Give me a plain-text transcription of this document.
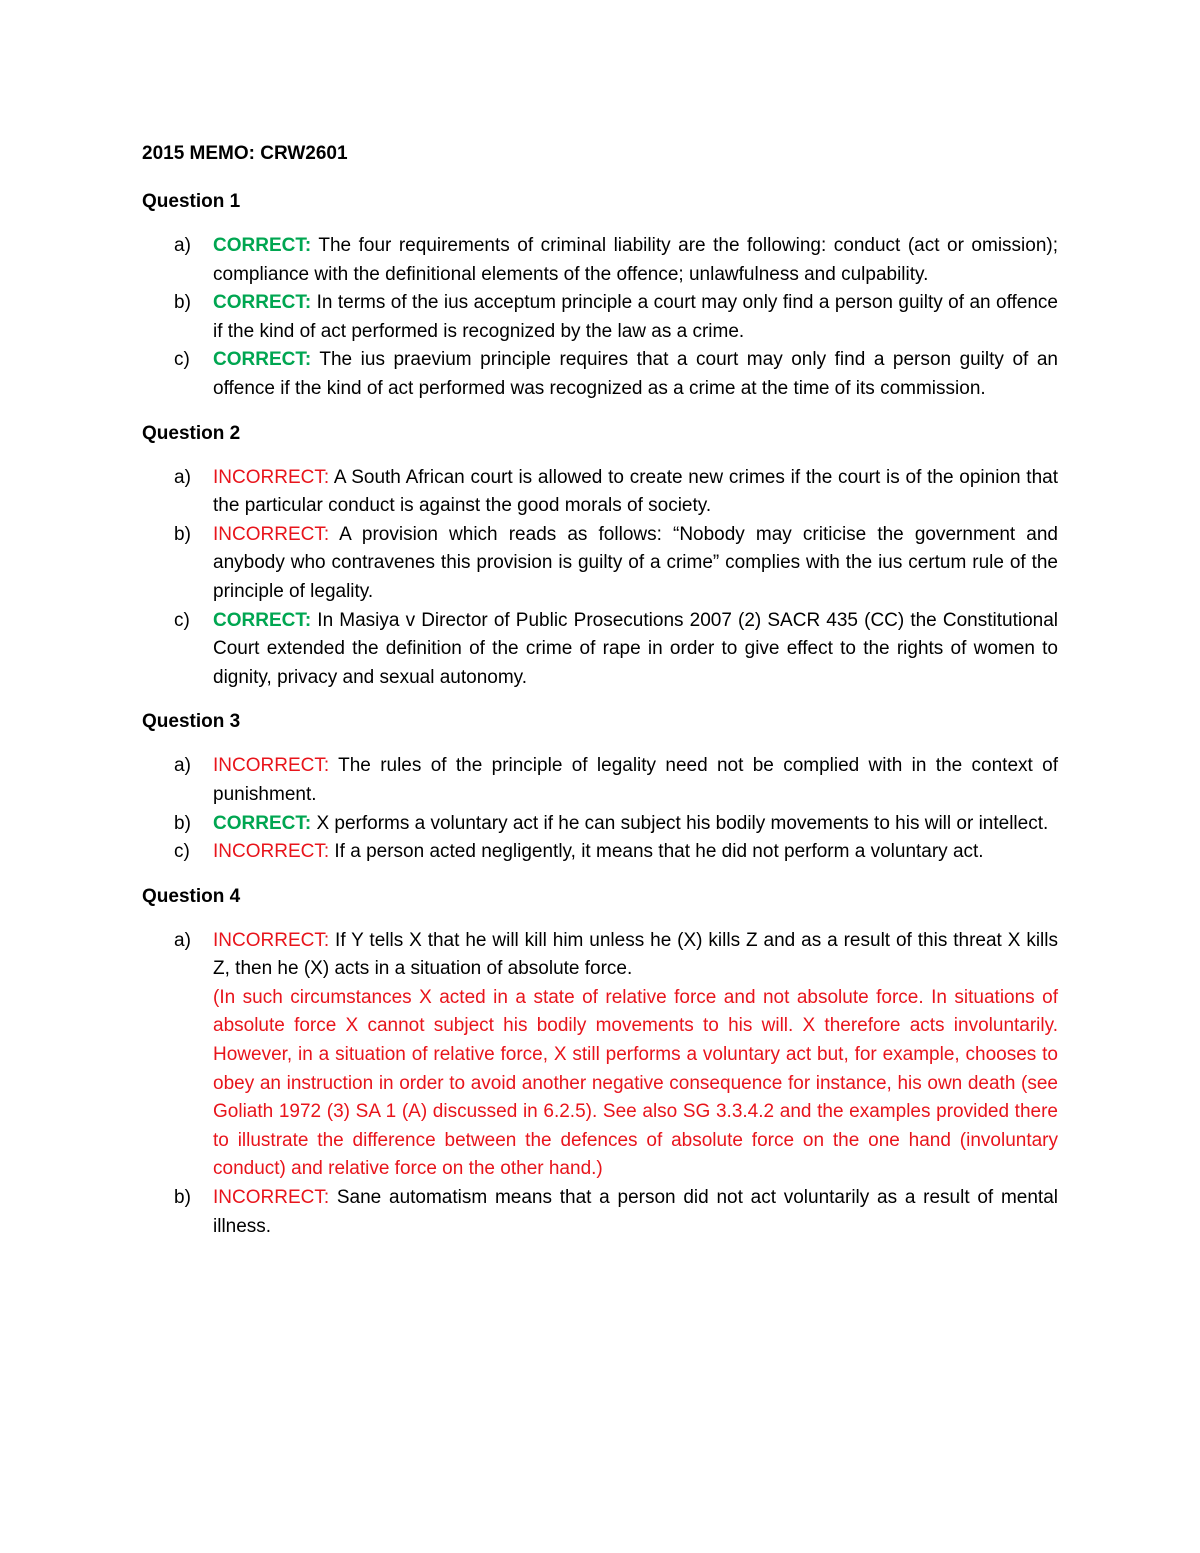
2015 MEMO: CRW2601
Question 1
a) CORRECT: The four requirements of criminal liability are the following: conduct (act or omission); compliance with the definitional elements of the offence; unlawfulness and culpability.
b) CORRECT: In terms of the ius acceptum principle a court may only find a person guilty of an offence if the kind of act performed is recognized by the law as a crime.
c) CORRECT: The ius praevium principle requires that a court may only find a person guilty of an offence if the kind of act performed was recognized as a crime at the time of its commission.
Question 2
a) INCORRECT: A South African court is allowed to create new crimes if the court is of the opinion that the particular conduct is against the good morals of society.
b) INCORRECT: A provision which reads as follows: “Nobody may criticise the government and anybody who contravenes this provision is guilty of a crime” complies with the ius certum rule of the principle of legality.
c) CORRECT: In Masiya v Director of Public Prosecutions 2007 (2) SACR 435 (CC) the Constitutional Court extended the definition of the crime of rape in order to give effect to the rights of women to dignity, privacy and sexual autonomy.
Question 3
a) INCORRECT: The rules of the principle of legality need not be complied with in the context of punishment.
b) CORRECT: X performs a voluntary act if he can subject his bodily movements to his will or intellect.
c) INCORRECT: If a person acted negligently, it means that he did not perform a voluntary act.
Question 4
a) INCORRECT: If Y tells X that he will kill him unless he (X) kills Z and as a result of this threat X kills Z, then he (X) acts in a situation of absolute force.
(In such circumstances X acted in a state of relative force and not absolute force. In situations of absolute force X cannot subject his bodily movements to his will. X therefore acts involuntarily. However, in a situation of relative force, X still performs a voluntary act but, for example, chooses to obey an instruction in order to avoid another negative consequence for instance, his own death (see Goliath 1972 (3) SA 1 (A) discussed in 6.2.5). See also SG 3.3.4.2 and the examples provided there to illustrate the difference between the defences of absolute force on the one hand (involuntary conduct) and relative force on the other hand.)
b) INCORRECT: Sane automatism means that a person did not act voluntarily as a result of mental illness.
